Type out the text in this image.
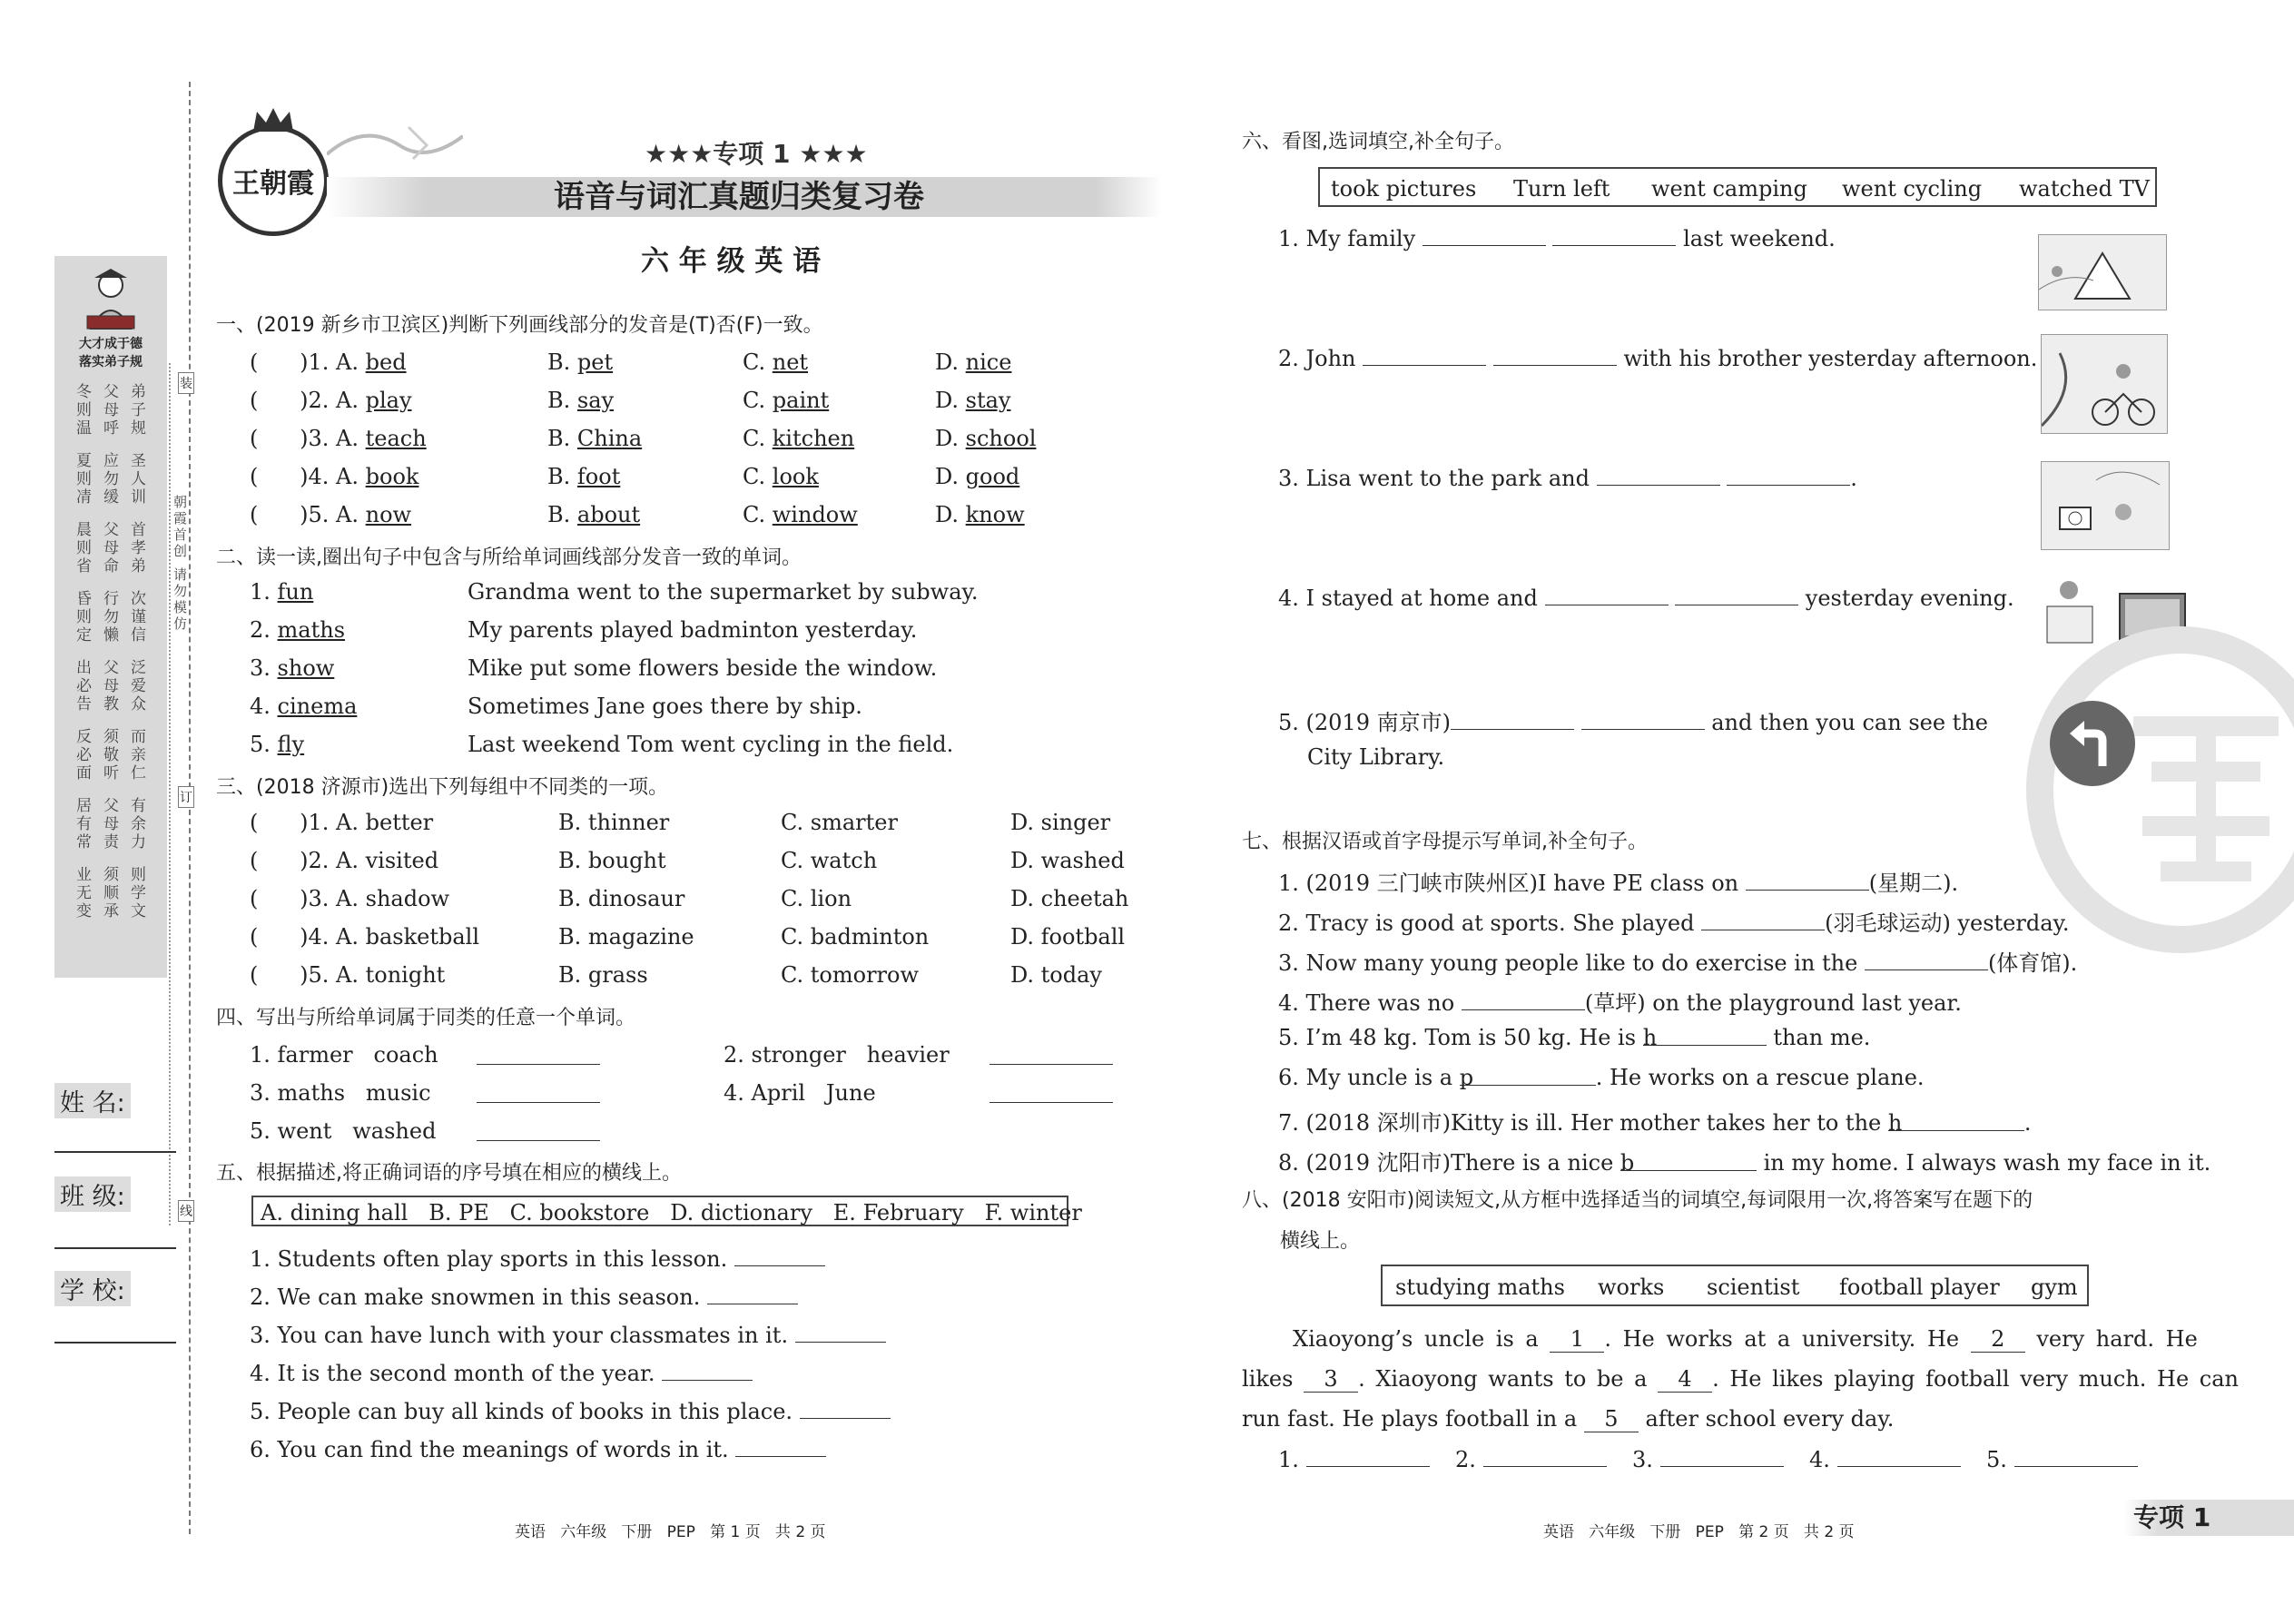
大才成于德
落实弟子规
弟子规
父母呼
冬则温
圣人训
应勿缓
夏则凊
首孝弟
父母命
晨则省
次谨信
行勿懒
昏则定
泛爱众
父母教
出必告
而亲仁
须敬听
反必面
有余力
父母责
居有常
则学文
须顺承
业无变
朝霞首创 请勿模仿
装
订
线
姓 名:
班 级:
学 校:
王朝霞
★★★专项 1 ★★★
语音与词汇真题归类复习卷
六 年 级 英 语
一、(2019 新乡市卫滨区)判断下列画线部分的发音是(T)否(F)一致。
(      )1. A. bed	B. pet	C. net	D. nice
(      )2. A. play	B. say	C. paint	D. stay
(      )3. A. teach	B. China	C. kitchen	D. school
(      )4. A. book	B. foot	C. look	D. good
(      )5. A. now	B. about	C. window	D. know
二、读一读,圈出句子中包含与所给单词画线部分发音一致的单词。
1. fun	Grandma went to the supermarket by subway.
2. maths	My parents played badminton yesterday.
3. show	Mike put some flowers beside the window.
4. cinema	Sometimes Jane goes there by ship.
5. fly	Last weekend Tom went cycling in the field.
三、(2018 济源市)选出下列每组中不同类的一项。
(      )1. A. better	B. thinner	C. smarter	D. singer
(      )2. A. visited	B. bought	C. watch	D. washed
(      )3. A. shadow	B. dinosaur	C. lion	D. cheetah
(      )4. A. basketball	B. magazine	C. badminton	D. football
(      )5. A. tonight	B. grass	C. tomorrow	D. today
四、写出与所给单词属于同类的任意一个单词。
1. farmer   coach	2. stronger   heavier
3. maths   music	4. April   June
5. went   washed
五、根据描述,将正确词语的序号填在相应的横线上。
A. dining hall   B. PE   C. bookstore   D. dictionary   E. February   F. winter
1. Students often play sports in this lesson.
2. We can make snowmen in this season.
3. You can have lunch with your classmates in it.
4. It is the second month of the year.
5. People can buy all kinds of books in this place.
6. You can find the meanings of words in it.
英语   六年级   下册   PEP   第 1 页   共 2 页
六、看图,选词填空,补全句子。
took pictures Turn left went camping went cycling watched TV
1. My family	last weekend.
2. John	with his brother yesterday afternoon.
3. Lisa went to the park and	.
4. I stayed at home and	yesterday evening.
5. (2019 南京市)	and then you can see the
City Library.
七、根据汉语或首字母提示写单词,补全句子。
1. (2019 三门峡市陕州区)I have PE class on	(星期二).
2. Tracy is good at sports. She played	(羽毛球运动) yesterday.
3. Now many young people like to do exercise in the	(体育馆).
4. There was no	(草坪) on the playground last year.
5. I’m 48 kg. Tom is 50 kg. He is h	than me.
6. My uncle is a p	. He works on a rescue plane.
7. (2018 深圳市)Kitty is ill. Her mother takes her to the h	.
8. (2019 沈阳市)There is a nice b	in my home. I always wash my face in it.
八、(2018 安阳市)阅读短文,从方框中选择适当的词填空,每词限用一次,将答案写在题下的
横线上。
studying maths works scientist football player gym
Xiaoyong’s uncle is a 1 . He works at a university. He 2 very hard. He
likes 3 . Xiaoyong wants to be a 4 . He likes playing football very much. He can
run fast. He plays football in a 5 after school every day.
1.	2.	3.	4.	5.
英语   六年级   下册   PEP   第 2 页   共 2 页	专项 1
